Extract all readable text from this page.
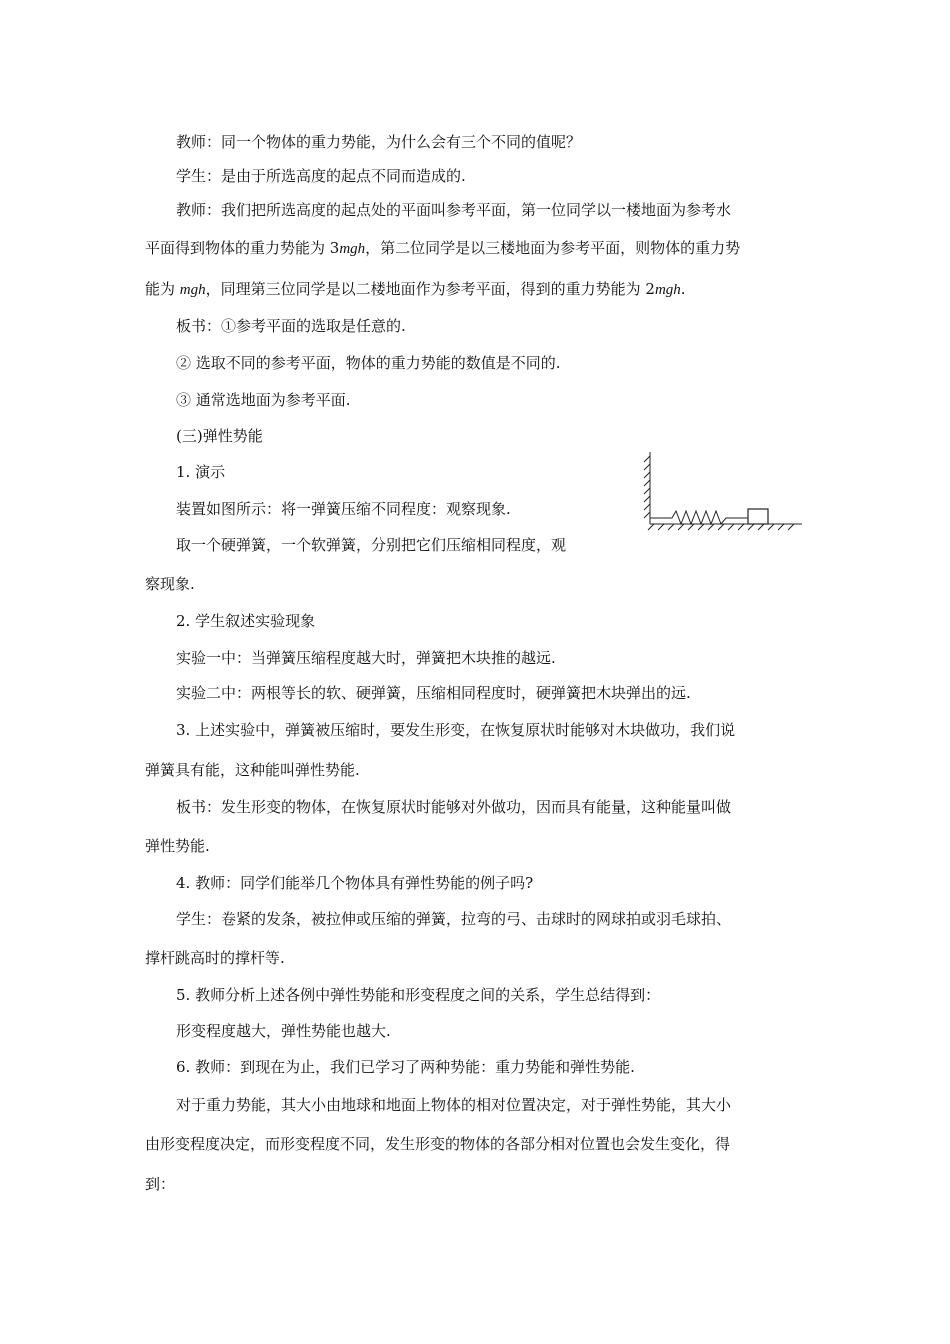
教师：同一个物体的重力势能，为什么会有三个不同的值呢？
学生：是由于所选高度的起点不同而造成的.
教师：我们把所选高度的起点处的平面叫参考平面，第一位同学以一楼地面为参考水
平面得到物体的重力势能为 3mgh，第二位同学是以三楼地面为参考平面，则物体的重力势
能为 mgh，同理第三位同学是以二楼地面作为参考平面，得到的重力势能为 2mgh.
板书：①参考平面的选取是任意的.
② 选取不同的参考平面，物体的重力势能的数值是不同的.
③ 通常选地面为参考平面.
(三)弹性势能
1. 演示
装置如图所示：将一弹簧压缩不同程度：观察现象.
取一个硬弹簧，一个软弹簧，分别把它们压缩相同程度，观
察现象.
2. 学生叙述实验现象
实验一中：当弹簧压缩程度越大时，弹簧把木块推的越远.
实验二中：两根等长的软、硬弹簧，压缩相同程度时，硬弹簧把木块弹出的远.
3. 上述实验中，弹簧被压缩时，要发生形变，在恢复原状时能够对木块做功，我们说
弹簧具有能，这种能叫弹性势能.
板书：发生形变的物体，在恢复原状时能够对外做功，因而具有能量，这种能量叫做
弹性势能.
4. 教师：同学们能举几个物体具有弹性势能的例子吗?
学生：卷紧的发条，被拉伸或压缩的弹簧，拉弯的弓、击球时的网球拍或羽毛球拍、
撑杆跳高时的撑杆等.
5. 教师分析上述各例中弹性势能和形变程度之间的关系，学生总结得到：
形变程度越大，弹性势能也越大.
6. 教师：到现在为止，我们已学习了两种势能：重力势能和弹性势能.
对于重力势能，其大小由地球和地面上物体的相对位置决定，对于弹性势能，其大小
由形变程度决定，而形变程度不同，发生形变的物体的各部分相对位置也会发生变化，得
到：
